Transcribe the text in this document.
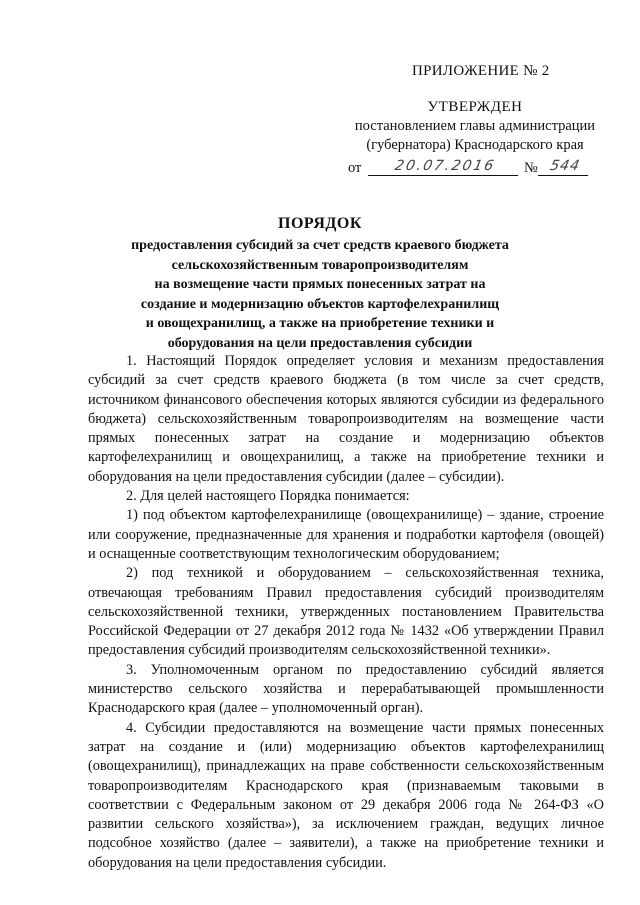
ПРИЛОЖЕНИЕ № 2
УТВЕРЖДЕН
постановлением главы администрации
(губернатора) Краснодарского края
от	20.07.2016	№ 544
ПОРЯДОК
предоставления субсидий за счет средств краевого бюджета
сельскохозяйственным товаропроизводителям
на возмещение части прямых понесенных затрат на
создание и модернизацию объектов картофелехранилищ
и овощехранилищ, а также на приобретение техники и
оборудования на цели предоставления субсидии

1. Настоящий Порядок определяет условия и механизм предоставления субсидий за счет средств краевого бюджета (в том числе за счет средств, источником финансового обеспечения которых являются субсидии из федерального бюджета) сельскохозяйственным товаропроизводителям на возмещение части прямых понесенных затрат на создание и модернизацию объектов картофелехранилищ и овощехранилищ, а также на приобретение техники и оборудования на цели предоставления субсидии (далее – субсидии).

2. Для целей настоящего Порядка понимается:

1) под объектом картофелехранилище (овощехранилище) – здание, строение или сооружение, предназначенные для хранения и подработки картофеля (овощей) и оснащенные соответствующим технологическим оборудованием;

2) под техникой и оборудованием – сельскохозяйственная техника, отвечающая требованиям Правил предоставления субсидий производителям сельскохозяйственной техники, утвержденных постановлением Правительства Российской Федерации от 27 декабря 2012 года № 1432 «Об утверждении Правил предоставления субсидий производителям сельскохозяйственной техники».

3. Уполномоченным органом по предоставлению субсидий является министерство сельского хозяйства и перерабатывающей промышленности Краснодарского края (далее – уполномоченный орган).

4. Субсидии предоставляются на возмещение части прямых понесенных затрат на создание и (или) модернизацию объектов картофелехранилищ (овощехранилищ), принадлежащих на праве собственности сельскохозяйственным товаропроизводителям Краснодарского края (признаваемым таковыми в соответствии с Федеральным законом от 29 декабря 2006 года № 264-ФЗ «О развитии сельского хозяйства»), за исключением граждан, ведущих личное подсобное хозяйство (далее – заявители), а также на приобретение техники и оборудования на цели предоставления субсидии.
